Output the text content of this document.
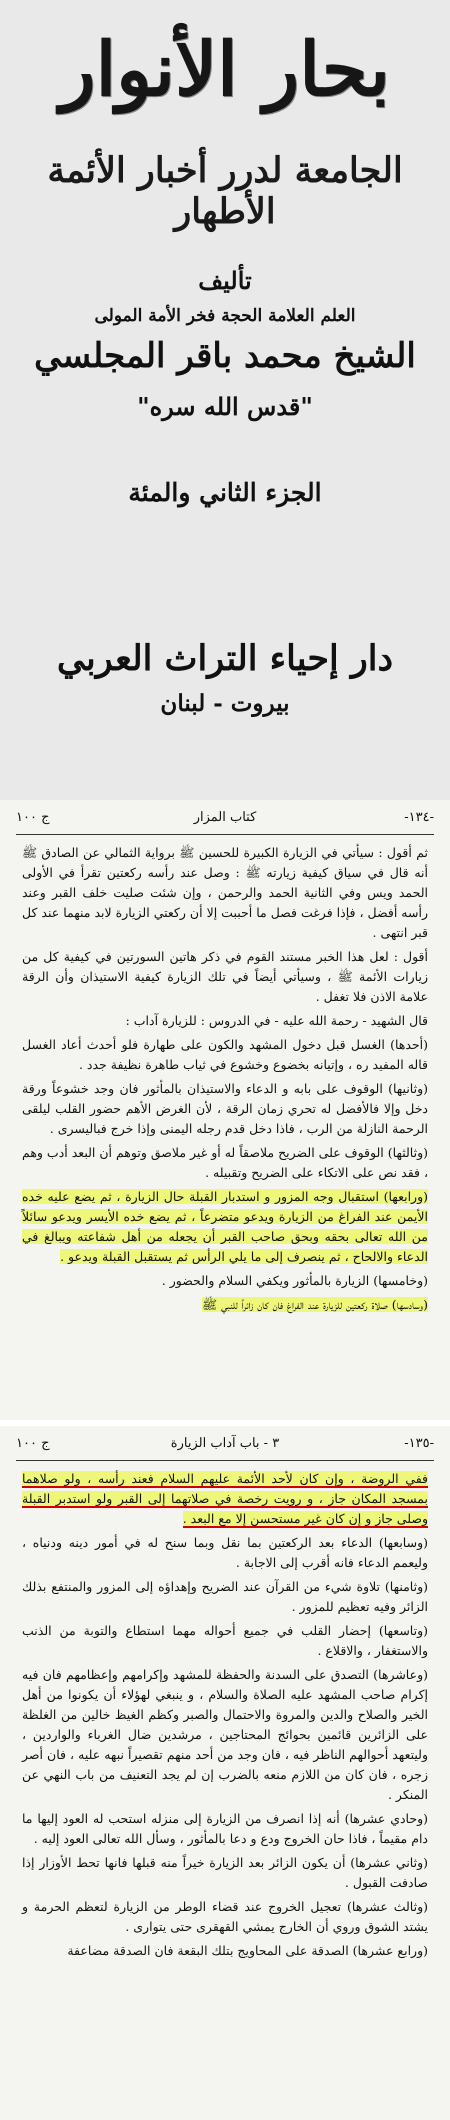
بحار الأنوار
الجامعة لدرر أخبار الأئمة الأطهار
تأليف
العلم العلامة الحجة فخر الأمة المولى
الشيخ محمد باقر المجلسي
"قدس الله سره"
الجزء الثاني والمئة
دار إحياء التراث العربي
بيروت - لبنان
ج ١٠٠	كتاب المزار	-١٣٤-

ثم أقول : سيأتي في الزيارة الكبيرة للحسين ﷺ برواية الثمالي عن الصادق ﷺ أنه قال في سياق كيفية زيارته ﷺ : وصل عند رأسه ركعتين تقرأ في الأولى الحمد ويس وفي الثانية الحمد والرحمن ، وإن شئت صليت خلف القبر وعند رأسه أفضل ، فإذا فرغت فصل ما أحببت إلا أن ركعتي الزيارة لابد منهما عند كل قبر انتهى .

أقول : لعل هذا الخبر مستند القوم في ذكر هاتين السورتين في كيفية كل من زيارات الأئمة ﷺ ، وسيأتي أيضاً في تلك الزيارة كيفية الاستيذان وأن الرقة علامة الاذن فلا تغفل .

قال الشهيد - رحمة الله عليه - في الدروس : للزيارة آداب :

(أحدها) الغسل قبل دخول المشهد والكون على طهارة فلو أحدث أعاد الغسل قاله المفيد ره ، وإتيانه بخضوع وخشوع في ثياب طاهرة نظيفة جدد .

(وثانيها) الوقوف على بابه و الدعاء والاستيذان بالمأثور فان وجد خشوعاً ورقة دخل وإلا فالأفضل له تحري زمان الرقة ، لأن الغرض الأهم حضور القلب ليلقى الرحمة النازلة من الرب ، فاذا دخل قدم رجله اليمنى وإذا خرج فباليسرى .

(وثالثها) الوقوف على الضريح ملاصقاً له أو غير ملاصق وتوهم أن البعد أدب وهم ، فقد نص على الاتكاء على الضريح وتقبيله .

(ورابعها) استقبال وجه المزور و استدبار القبلة حال الزيارة ، ثم يضع عليه خده الأيمن عند الفراغ من الزيارة ويدعو متضرعاً ، ثم يضع خده الأيسر ويدعو سائلاً من الله تعالى بحقه وبحق صاحب القبر أن يجعله من أهل شفاعته ويبالغ في الدعاء والالحاح ، ثم ينصرف إلى ما يلي الرأس ثم يستقبل القبلة ويدعو .

(وخامسها) الزيارة بالمأثور ويكفي السلام والحضور .

(وسادسها) صلاة ركعتين للزيارة عند الفراغ فان كان زائراً للنبي ﷺ

ج ١٠٠	٣ - باب آداب الزيارة	-١٣٥-

ففي الروضة ، وإن كان لأحد الأئمة عليهم السلام فعند رأسه ، ولو صلاهما بمسجد المكان جاز ، و رويت رخصة في صلاتهما إلى القبر ولو استدبر القبلة وصلى جاز و إن كان غير مستحسن إلا مع البعد .

(وسابعها) الدعاء بعد الركعتين بما نقل وبما سنح له في أمور دينه ودنياه ، وليعمم الدعاء فانه أقرب إلى الاجابة .

(وثامنها) تلاوة شيء من القرآن عند الضريح وإهداؤه إلى المزور والمنتفع بذلك الزائر وفيه تعظيم للمزور .

(وتاسعها) إحضار القلب في جميع أحواله مهما استطاع والتوبة من الذنب والاستغفار ، والاقلاع .

(وعاشرها) التصدق على السدنة والحفظة للمشهد وإكرامهم وإعظامهم فان فيه إكرام صاحب المشهد عليه الصلاة والسلام ، و ينبغي لهؤلاء أن يكونوا من أهل الخير والصلاح والدين والمروة والاحتمال والصبر وكظم الغيظ خالين من الغلظة على الزائرين قائمين بحوائج المحتاجين ، مرشدين ضال الغرباء والواردين ، وليتعهد أحوالهم الناظر فيه ، فان وجد من أحد منهم تقصيراً نبهه عليه ، فان أصر زجره ، فان كان من اللازم منعه بالضرب إن لم يجد التعنيف من باب النهي عن المنكر .

(وحادي عشرها) أنه إذا انصرف من الزيارة إلى منزله استحب له العود إليها ما دام مقيماً ، فاذا حان الخروج ودع و دعا بالمأثور ، وسأل الله تعالى العود إليه .

(وثاني عشرها) أن يكون الزائر بعد الزيارة خيراً منه قبلها فانها تحط الأوزار إذا صادفت القبول .

(وثالث عشرها) تعجيل الخروج عند قضاء الوطر من الزيارة لتعظم الحرمة و يشتد الشوق وروي أن الخارج يمشي القهقرى حتى يتوارى .

(ورابع عشرها) الصدقة على المحاويج بتلك البقعة فان الصدقة مضاعفة
